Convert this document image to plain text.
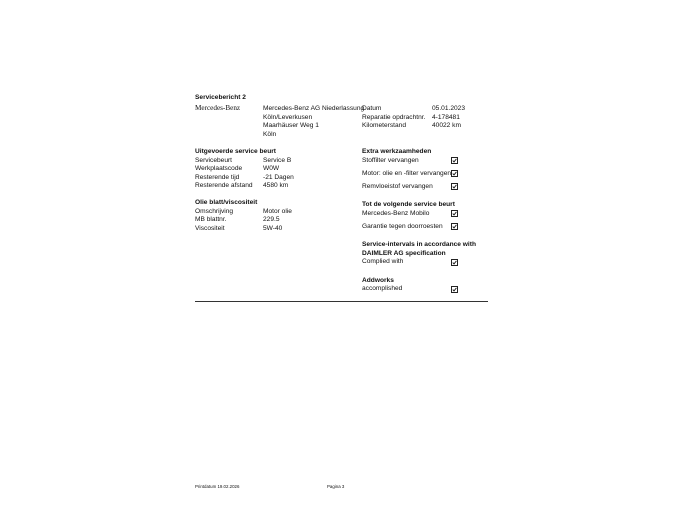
Servicebericht 2
Mercedes-Benz	Mercedes-Benz AG Niederlassung
Köln/Leverkusen
Maarhäuser Weg 1
Köln
Datum	05.01.2023
Reparatie opdrachtnr. 4-178481
Kilometerstand	40022 km
Uitgevoerde service beurt
Servicebeurt	Service B
Werkplaatscode	W0W
Resterende tijd	-21 Dagen
Resterende afstand 4580 km
Olie blatt/viscositeit
Omschrijving	Motor olie
MB blattnr.	229.5
Viscositeit	5W-40
Extra werkzaamheden
Stoffilter vervangen
Motor: olie en -filter vervangen
Remvloeistof vervangen
Tot de volgende service beurt
Mercedes-Benz Mobilo
Garantie tegen doorroesten
Service-intervals in accordance with
DAIMLER AG specification
Complied with
Addworks
accomplished
Printdatum 19.02.2026	Pagina 3
